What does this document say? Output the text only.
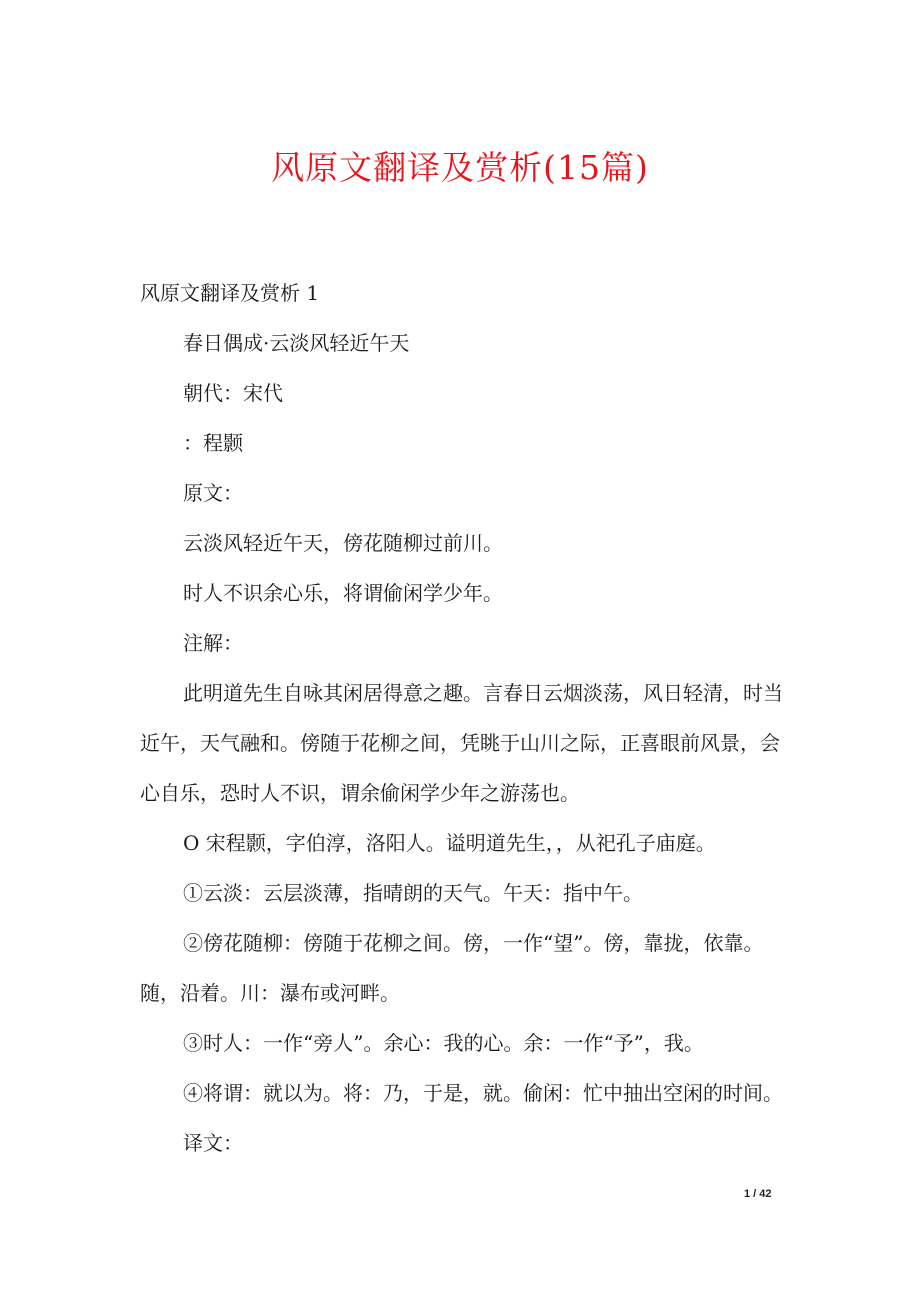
风原文翻译及赏析(15篇)

风原文翻译及赏析 1

春日偶成·云淡风轻近午天

朝代：宋代

：程颢

原文：

云淡风轻近午天，傍花随柳过前川。

时人不识余心乐，将谓偷闲学少年。

注解：

此明道先生自咏其闲居得意之趣。言春日云烟淡荡，风日轻清，时当近午，天气融和。傍随于花柳之间，凭眺于山川之际，正喜眼前风景，会心自乐，恐时人不识，谓余偷闲学少年之游荡也。

O 宋程颢，字伯淳，洛阳人。谥明道先生，，从祀孔子庙庭。

①云淡：云层淡薄，指晴朗的天气。午天：指中午。

②傍花随柳：傍随于花柳之间。傍，一作“望”。傍，靠拢，依靠。随，沿着。川：瀑布或河畔。

③时人：一作“旁人”。余心：我的心。余：一作“予”，我。

④将谓：就以为。将：乃，于是，就。偷闲：忙中抽出空闲的时间。

译文：

1 / 42
